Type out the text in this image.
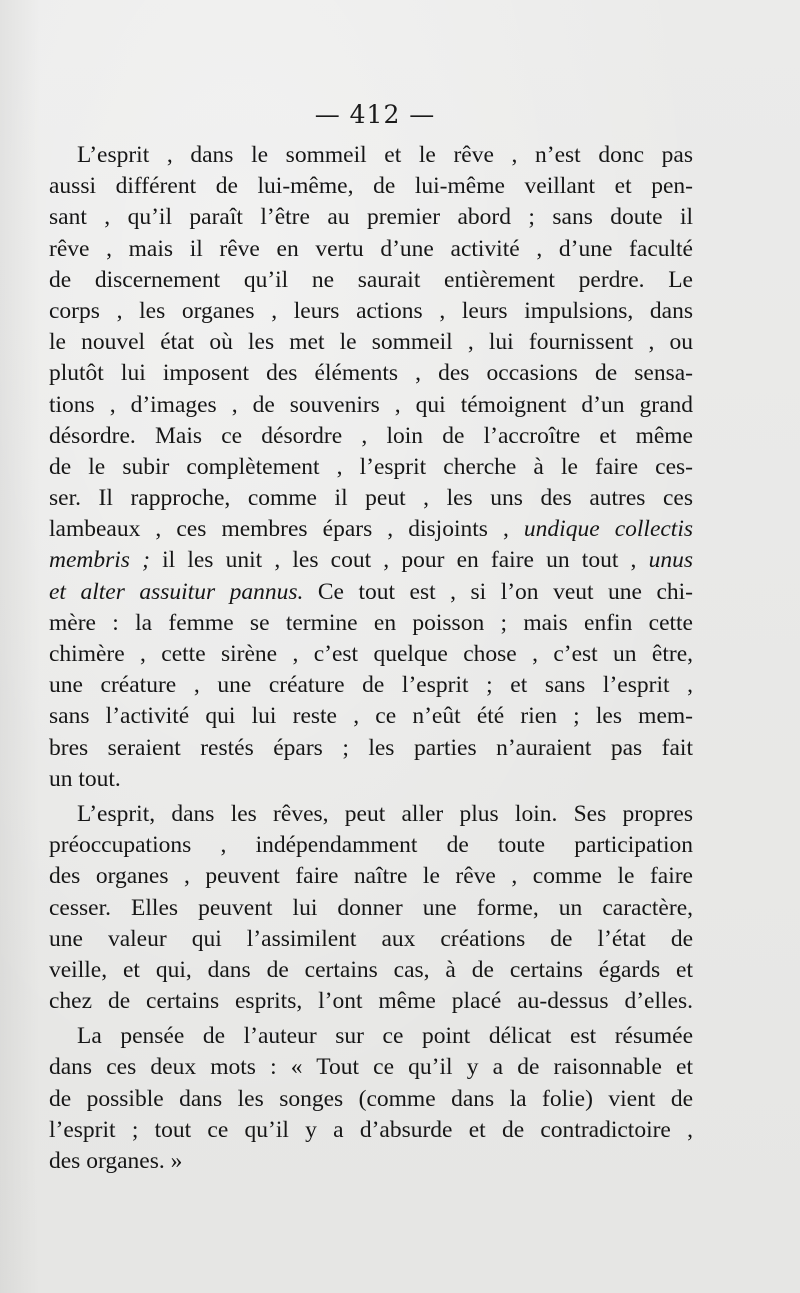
— 412 —
L’esprit , dans le sommeil et le rêve , n’est donc pas
aussi différent de lui-même, de lui-même veillant et pen-
sant , qu’il paraît l’être au premier abord ; sans doute il
rêve , mais il rêve en vertu d’une activité , d’une faculté
de discernement qu’il ne saurait entièrement perdre. Le
corps , les organes , leurs actions , leurs impulsions, dans
le nouvel état où les met le sommeil , lui fournissent , ou
plutôt lui imposent des éléments , des occasions de sensa-
tions , d’images , de souvenirs , qui témoignent d’un grand
désordre. Mais ce désordre , loin de l’accroître et même
de le subir complètement , l’esprit cherche à le faire ces-
ser. Il rapproche, comme il peut , les uns des autres ces
lambeaux , ces membres épars , disjoints , undique collectis
membris ; il les unit , les cout , pour en faire un tout , unus
et alter assuitur pannus. Ce tout est , si l’on veut une chi-
mère : la femme se termine en poisson ; mais enfin cette
chimère , cette sirène , c’est quelque chose , c’est un être,
une créature , une créature de l’esprit ; et sans l’esprit ,
sans l’activité qui lui reste , ce n’eût été rien ; les mem-
bres seraient restés épars ; les parties n’auraient pas fait
un tout.
L’esprit, dans les rêves, peut aller plus loin. Ses propres
préoccupations , indépendamment de toute participation
des organes , peuvent faire naître le rêve , comme le faire
cesser. Elles peuvent lui donner une forme, un caractère,
une valeur qui l’assimilent aux créations de l’état de
veille, et qui, dans de certains cas, à de certains égards et
chez de certains esprits, l’ont même placé au-dessus d’elles.
La pensée de l’auteur sur ce point délicat est résumée
dans ces deux mots : « Tout ce qu’il y a de raisonnable et
de possible dans les songes (comme dans la folie) vient de
l’esprit ; tout ce qu’il y a d’absurde et de contradictoire ,
des organes. »
